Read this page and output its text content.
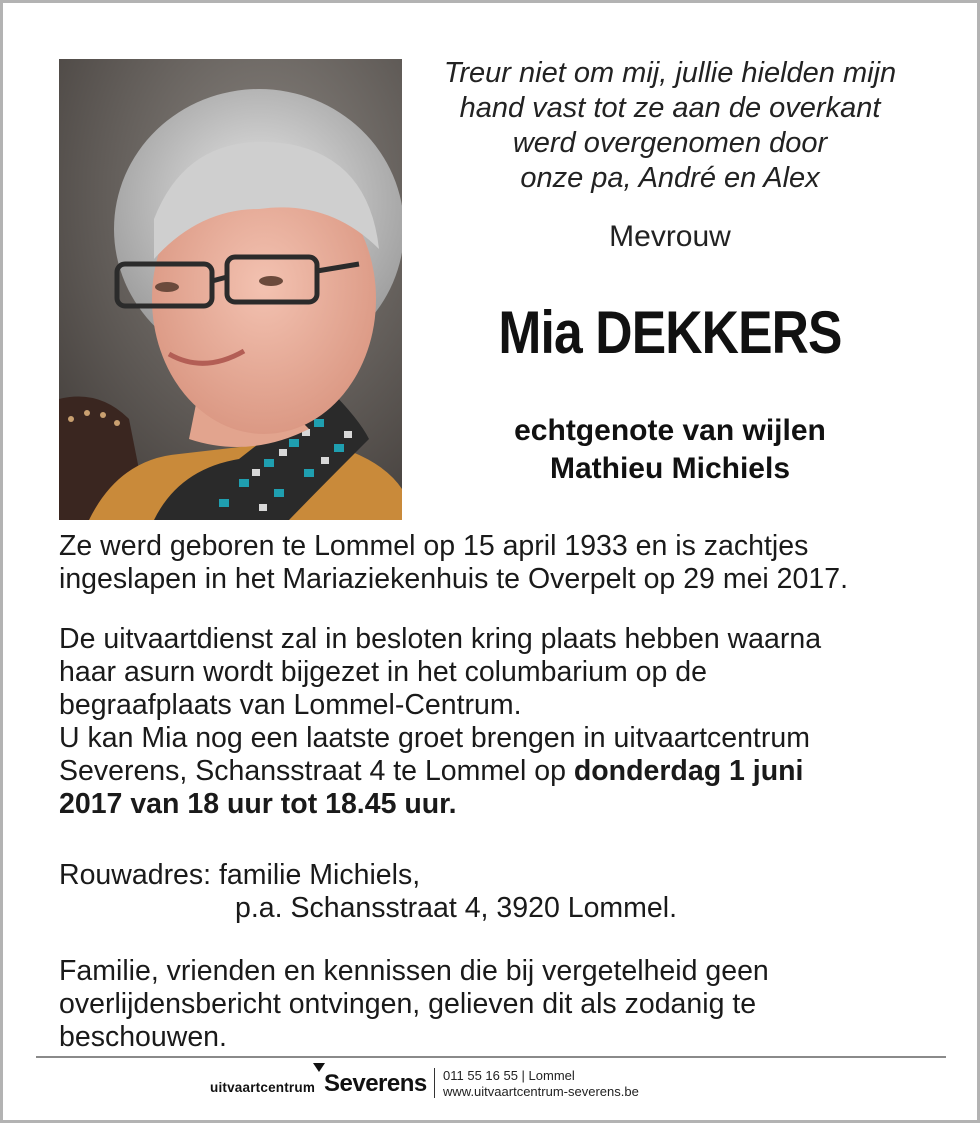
Treur niet om mij, jullie hielden mijn
hand vast tot ze aan de overkant
werd overgenomen door
onze pa, André en Alex
Mevrouw
Mia DEKKERS
echtgenote van wijlen
Mathieu Michiels
Ze werd geboren te Lommel op 15 april 1933 en is zachtjes
ingeslapen in het Mariaziekenhuis te Overpelt op 29 mei 2017.
De uitvaartdienst zal in besloten kring plaats hebben waarna
haar asurn wordt bijgezet in het columbarium op de
begraafplaats van Lommel-Centrum.
U kan Mia nog een laatste groet brengen in uitvaartcentrum
Severens, Schansstraat 4 te Lommel op donderdag 1 juni
2017 van 18 uur tot 18.45 uur.
Rouwadres: familie Michiels,
p.a. Schansstraat 4, 3920 Lommel.
Familie, vrienden en kennissen die bij vergetelheid geen
overlijdensbericht ontvingen, gelieven dit als zodanig te
beschouwen.
uitvaartcentrum Severens 011 55 16 55 | Lommel
www.uitvaartcentrum-severens.be
